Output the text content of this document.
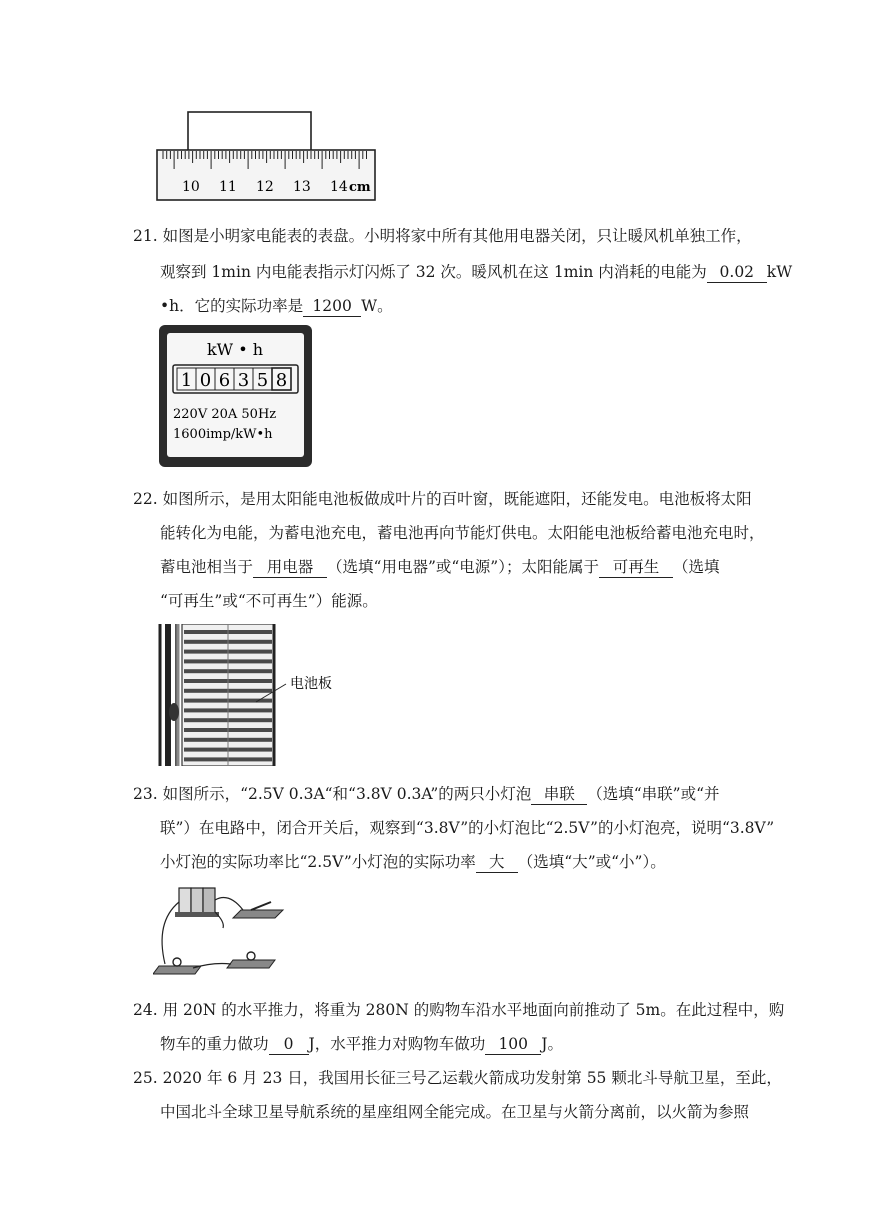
10 11 12 13 14 cm
21. 如图是小明家电能表的表盘。小明将家中所有其他用电器关闭，只让暖风机单独工作，
观察到 1min 内电能表指示灯闪烁了 32 次。暖风机在这 1min 内消耗的电能为 0.02 kW
•h．它的实际功率是 1200 W。
kW • h
1 0 6 3 5 8
220V 20A 50Hz
1600imp/kW•h
22. 如图所示，是用太阳能电池板做成叶片的百叶窗，既能遮阳，还能发电。电池板将太阳
能转化为电能，为蓄电池充电，蓄电池再向节能灯供电。太阳能电池板给蓄电池充电时，
蓄电池相当于 用电器 （选填“用电器”或“电源”）；太阳能属于 可再生 （选填
“可再生”或“不可再生”）能源。
电池板
23. 如图所示，“2.5V 0.3A“和“3.8V 0.3A”的两只小灯泡 串联 （选填“串联”或“并
联”）在电路中，闭合开关后，观察到“3.8V”的小灯泡比“2.5V”的小灯泡亮，说明“3.8V”
小灯泡的实际功率比“2.5V”小灯泡的实际功率 大 （选填“大”或“小”）。
24. 用 20N 的水平推力，将重为 280N 的购物车沿水平地面向前推动了 5m。在此过程中，购
物车的重力做功 0 J，水平推力对购物车做功 100 J。
25. 2020 年 6 月 23 日，我国用长征三号乙运载火箭成功发射第 55 颗北斗导航卫星，至此，
中国北斗全球卫星导航系统的星座组网全能完成。在卫星与火箭分离前，以火箭为参照
